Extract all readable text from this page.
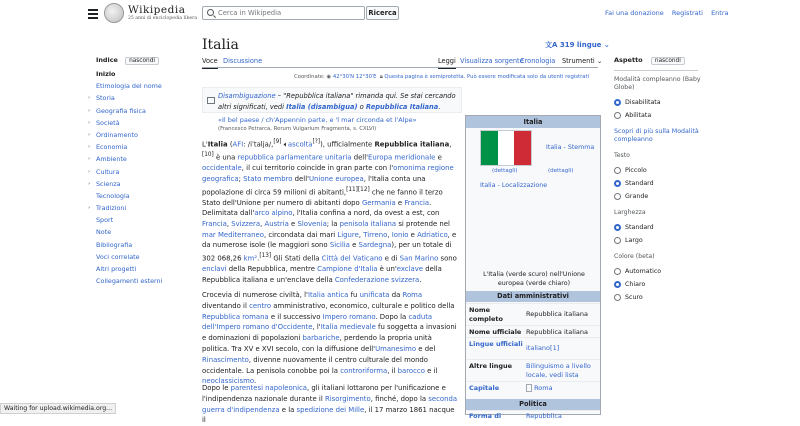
Wikipedia
25 anni di enciclopedia libera
Cerca in Wikipedia
Ricerca	Fai una donazione Registrati Entra
Indice nascondi
Inizio
Etimologia del nome
› Storia
› Geografia fisica
› Società
› Ordinamento
› Economia
› Ambiente
› Cultura
› Scienza
Tecnologia
› Tradizioni
Sport
Note
Bibliografia
Voci correlate
Altri progetti
Collegamenti esterni
Italia	文A 319 lingue ⌄
Voce Discussione	Leggi Visualizza sorgente
Cronologia Strumenti ⌄
Coordinate: ◉ 42°30′N 12°30′E 🔒︎ Questa pagina è semiprotetta. Può essere modificata solo da utenti registrati
Disambiguazione – "Repubblica italiana" rimanda qui. Se stai cercando altri significati, vedi Italia (disambigua) o Repubblica Italiana.
«Il bel paese / ch'Appennin parte, e 'l mar circonda et l'Alpe»
(Francesco Petrarca, Rerum Vulgarium Fragmenta, s. CXLVI)
L'Italia (AFI: /iˈtalja/,[9] 🔈︎ascolta[?]), ufficialmente Repubblica italiana,[10] è una repubblica parlamentare unitaria dell'Europa meridionale e occidentale, il cui territorio coincide in gran parte con l'omonima regione geografica; Stato membro dell'Unione europea, l'Italia conta una popolazione di circa 59 milioni di abitanti,[11][12] che ne fanno il terzo Stato dell'Unione per numero di abitanti dopo Germania e Francia.
Delimitata dall'arco alpino, l'Italia confina a nord, da ovest a est, con Francia, Svizzera, Austria e Slovenia; la penisola italiana si protende nel mar Mediterraneo, circondata dai mari Ligure, Tirreno, Ionio e Adriatico, e da numerose isole (le maggiori sono Sicilia e Sardegna), per un totale di 302 068,26 km².[13] Gli Stati della Città del Vaticano e di San Marino sono enclavi della Repubblica, mentre Campione d'Italia è un'exclave della Repubblica italiana e un'enclave della Confederazione svizzera.
Crocevia di numerose civiltà, l'Italia antica fu unificata da Roma diventando il centro amministrativo, economico, culturale e politico della Repubblica romana e il successivo Impero romano. Dopo la caduta dell'Impero romano d'Occidente, l'Italia medievale fu soggetta a invasioni e dominazioni di popolazioni barbariche, perdendo la propria unità politica. Tra XV e XVI secolo, con la diffusione dell'Umanesimo e del Rinascimento, divenne nuovamente il centro culturale del mondo occidentale. La penisola conobbe poi la controriforma, il barocco e il neoclassicismo.
Dopo le parentesi napoleonica, gli italiani lottarono per l'unificazione e l'indipendenza nazionale durante il Risorgimento, finché, dopo la seconda guerra d'indipendenza e la spedizione dei Mille, il 17 marzo 1861 nacque il
Italia
Italia - Stemma
(dettagli)	(dettagli)
Italia - Localizzazione
L'Italia (verde scuro) nell'Unione europea (verde chiaro)
Dati amministrativi
Nome completo
Repubblica italiana
Nome ufficiale Repubblica italiana
Lingue ufficiali italiano[1]
Altre lingue	Bilinguismo a livello locale, vedi lista
Capitale	Roma
Politica
Forma di	Repubblica
Aspetto nascondi
Modalità compleanno (Baby Globe)
Disabilitata
Abilitata
Scopri di più sulla Modalità compleanno
Testo
Piccolo
Standard
Grande
Larghezza
Standard
Largo
Colore (beta)
Automatico
Chiaro
Scuro
Waiting for upload.wikimedia.org...
